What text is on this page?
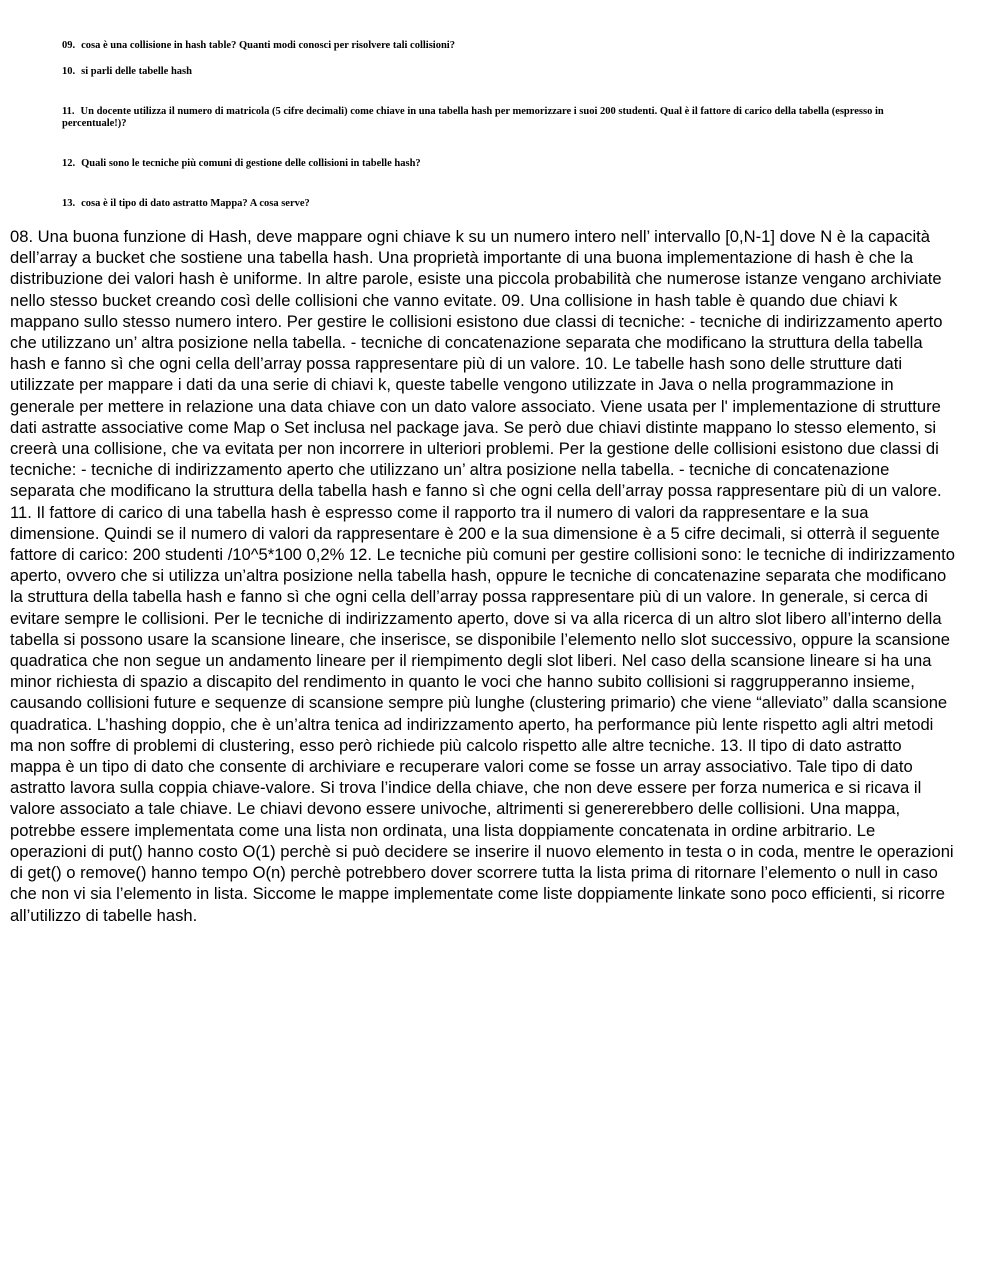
09. cosa è una collisione in hash table? Quanti modi conosci per risolvere tali collisioni?

10. si parli delle tabelle hash

11. Un docente utilizza il numero di matricola (5 cifre decimali) come chiave in una tabella hash per memorizzare i suoi 200 studenti. Qual è il fattore di carico della tabella (espresso in percentuale!)?

12. Quali sono le tecniche più comuni di gestione delle collisioni in tabelle hash?

13. cosa è il tipo di dato astratto Mappa? A cosa serve?

08. Una buona funzione di Hash, deve mappare ogni chiave k su un numero intero nell’ intervallo [0,N-1] dove N è la capacità dell’array a bucket che sostiene una tabella hash. Una proprietà importante di una buona implementazione di hash è che la distribuzione dei valori hash è uniforme. In altre parole, esiste una piccola probabilità che numerose istanze vengano archiviate nello stesso bucket creando così delle collisioni che vanno evitate. 09. Una collisione in hash table è quando due chiavi k mappano sullo stesso numero intero. Per gestire le collisioni esistono due classi di tecniche: - tecniche di indirizzamento aperto che utilizzano un’ altra posizione nella tabella. - tecniche di concatenazione separata che modificano la struttura della tabella hash e fanno sì che ogni cella dell’array possa rappresentare più di un valore. 10. Le tabelle hash sono delle strutture dati utilizzate per mappare i dati da una serie di chiavi k, queste tabelle vengono utilizzate in Java o nella programmazione in generale per mettere in relazione una data chiave con un dato valore associato. Viene usata per l' implementazione di strutture dati astratte associative come Map o Set inclusa nel package java. Se però due chiavi distinte mappano lo stesso elemento, si creerà una collisione, che va evitata per non incorrere in ulteriori problemi. Per la gestione delle collisioni esistono due classi di tecniche: - tecniche di indirizzamento aperto che utilizzano un’ altra posizione nella tabella. - tecniche di concatenazione separata che modificano la struttura della tabella hash e fanno sì che ogni cella dell’array possa rappresentare più di un valore. 11. Il fattore di carico di una tabella hash è espresso come il rapporto tra il numero di valori da rappresentare e la sua dimensione. Quindi se il numero di valori da rappresentare è 200 e la sua dimensione è a 5 cifre decimali, si otterrà il seguente fattore di carico: 200 studenti /10^5*100 0,2% 12. Le tecniche più comuni per gestire collisioni sono: le tecniche di indirizzamento aperto, ovvero che si utilizza un’altra posizione nella tabella hash, oppure le tecniche di concatenazine separata che modificano la struttura della tabella hash e fanno sì che ogni cella dell’array possa rappresentare più di un valore. In generale, si cerca di evitare sempre le collisioni. Per le tecniche di indirizzamento aperto, dove si va alla ricerca di un altro slot libero all’interno della tabella si possono usare la scansione lineare, che inserisce, se disponibile l’elemento nello slot successivo, oppure la scansione quadratica che non segue un andamento lineare per il riempimento degli slot liberi. Nel caso della scansione lineare si ha una minor richiesta di spazio a discapito del rendimento in quanto le voci che hanno subito collisioni si raggrupperanno insieme, causando collisioni future e sequenze di scansione sempre più lunghe (clustering primario) che viene “alleviato” dalla scansione quadratica. L’hashing doppio, che è un’altra tenica ad indirizzamento aperto, ha performance più lente rispetto agli altri metodi ma non soffre di problemi di clustering, esso però richiede più calcolo rispetto alle altre tecniche. 13. Il tipo di dato astratto mappa è un tipo di dato che consente di archiviare e recuperare valori come se fosse un array associativo. Tale tipo di dato astratto lavora sulla coppia chiave-valore. Si trova l’indice della chiave, che non deve essere per forza numerica e si ricava il valore associato a tale chiave. Le chiavi devono essere univoche, altrimenti si genererebbero delle collisioni. Una mappa, potrebbe essere implementata come una lista non ordinata, una lista doppiamente concatenata in ordine arbitrario. Le operazioni di put() hanno costo O(1) perchè si può decidere se inserire il nuovo elemento in testa o in coda, mentre le operazioni di get() o remove() hanno tempo O(n) perchè potrebbero dover scorrere tutta la lista prima di ritornare l’elemento o null in caso che non vi sia l’elemento in lista. Siccome le mappe implementate come liste doppiamente linkate sono poco efficienti, si ricorre all’utilizzo di tabelle hash.
